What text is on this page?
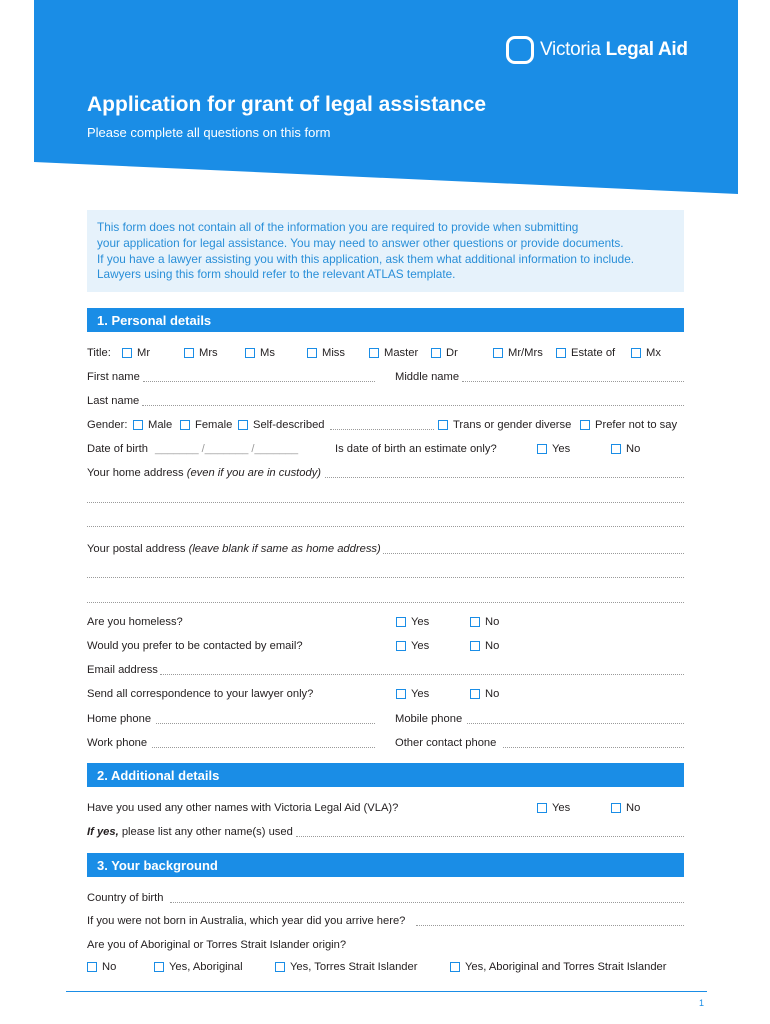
Victoria Legal Aid
Application for grant of legal assistance
Please complete all questions on this form

This form does not contain all of the information you are required to provide when submitting

your application for legal assistance. You may need to answer other questions or provide documents.

If you have a lawyer assisting you with this application, ask them what additional information to include.

Lawyers using this form should refer to the relevant ATLAS template.

1. Personal details
Title: Mr	Mrs	Ms	Miss	Master Dr	Mr/Mrs	Estate of	Mx
First name	Middle name
Last name
Gender: Male Female Self-described	Trans or gender diverse Prefer not to say
Date of birth _______ /_______ /_______	Is date of birth an estimate only?	Yes	No
Your home address (even if you are in custody)
Your postal address (leave blank if same as home address)
Are you homeless?	Yes	No
Would you prefer to be contacted by email?	Yes	No
Email address
Send all correspondence to your lawyer only?	Yes	No
Home phone	Mobile phone
Work phone	Other contact phone
2. Additional details
Have you used any other names with Victoria Legal Aid (VLA)?	Yes	No
If yes, please list any other name(s) used
3. Your background
Country of birth
If you were not born in Australia, which year did you arrive here?
Are you of Aboriginal or Torres Strait Islander origin?
No	Yes, Aboriginal	Yes, Torres Strait Islander	Yes, Aboriginal and Torres Strait Islander
1
